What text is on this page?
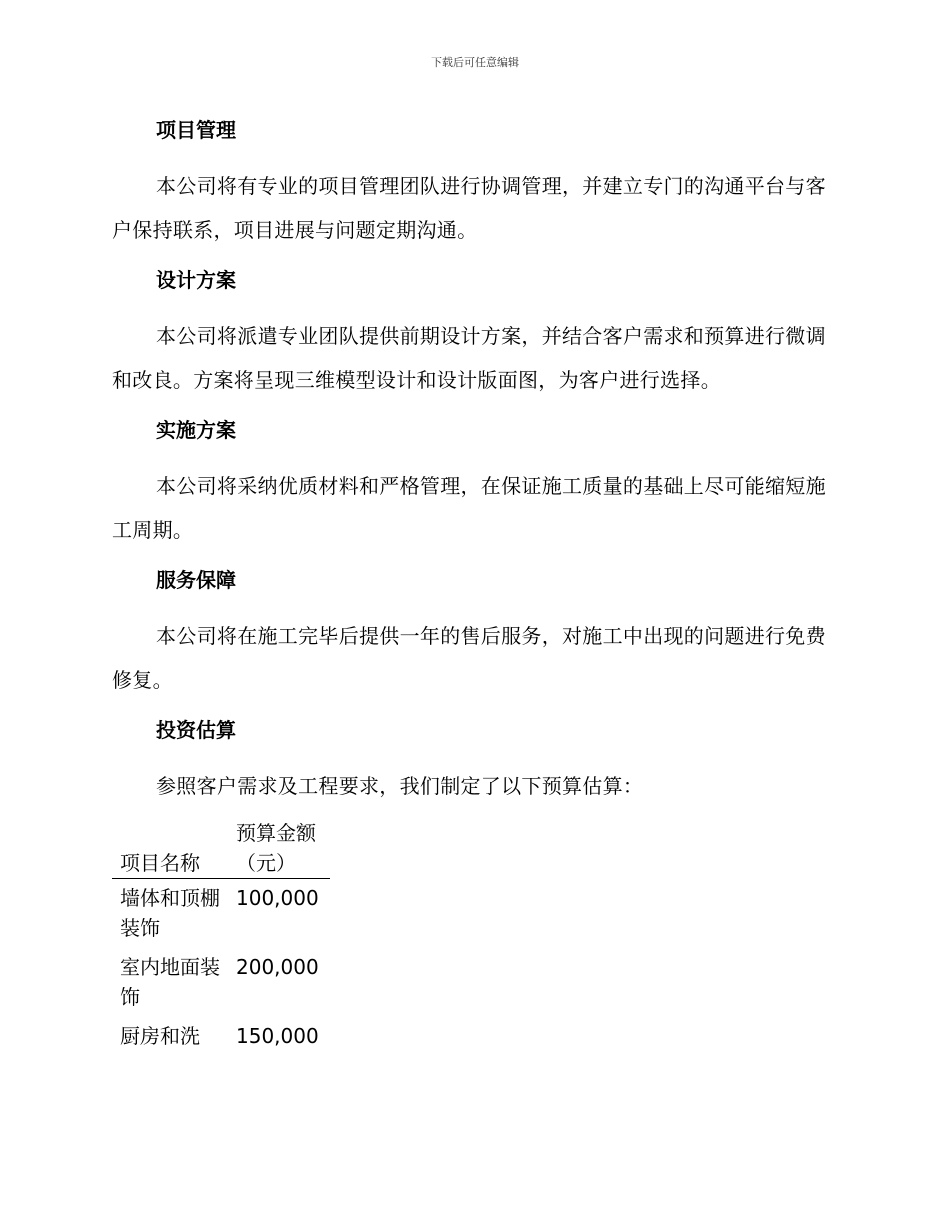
下载后可任意编辑
项目管理

本公司将有专业的项目管理团队进行协调管理，并建立专门的沟通平台与客户保持联系，项目进展与问题定期沟通。

设计方案

本公司将派遣专业团队提供前期设计方案，并结合客户需求和预算进行微调和改良。方案将呈现三维模型设计和设计版面图，为客户进行选择。

实施方案

本公司将采纳优质材料和严格管理，在保证施工质量的基础上尽可能缩短施工周期。

服务保障

本公司将在施工完毕后提供一年的售后服务，对施工中出现的问题进行免费修复。

投资估算

参照客户需求及工程要求，我们制定了以下预算估算：

项目名称	预算金额（元）
墙体和顶棚装饰	100,000
室内地面装饰	200,000
厨房和洗	150,000
